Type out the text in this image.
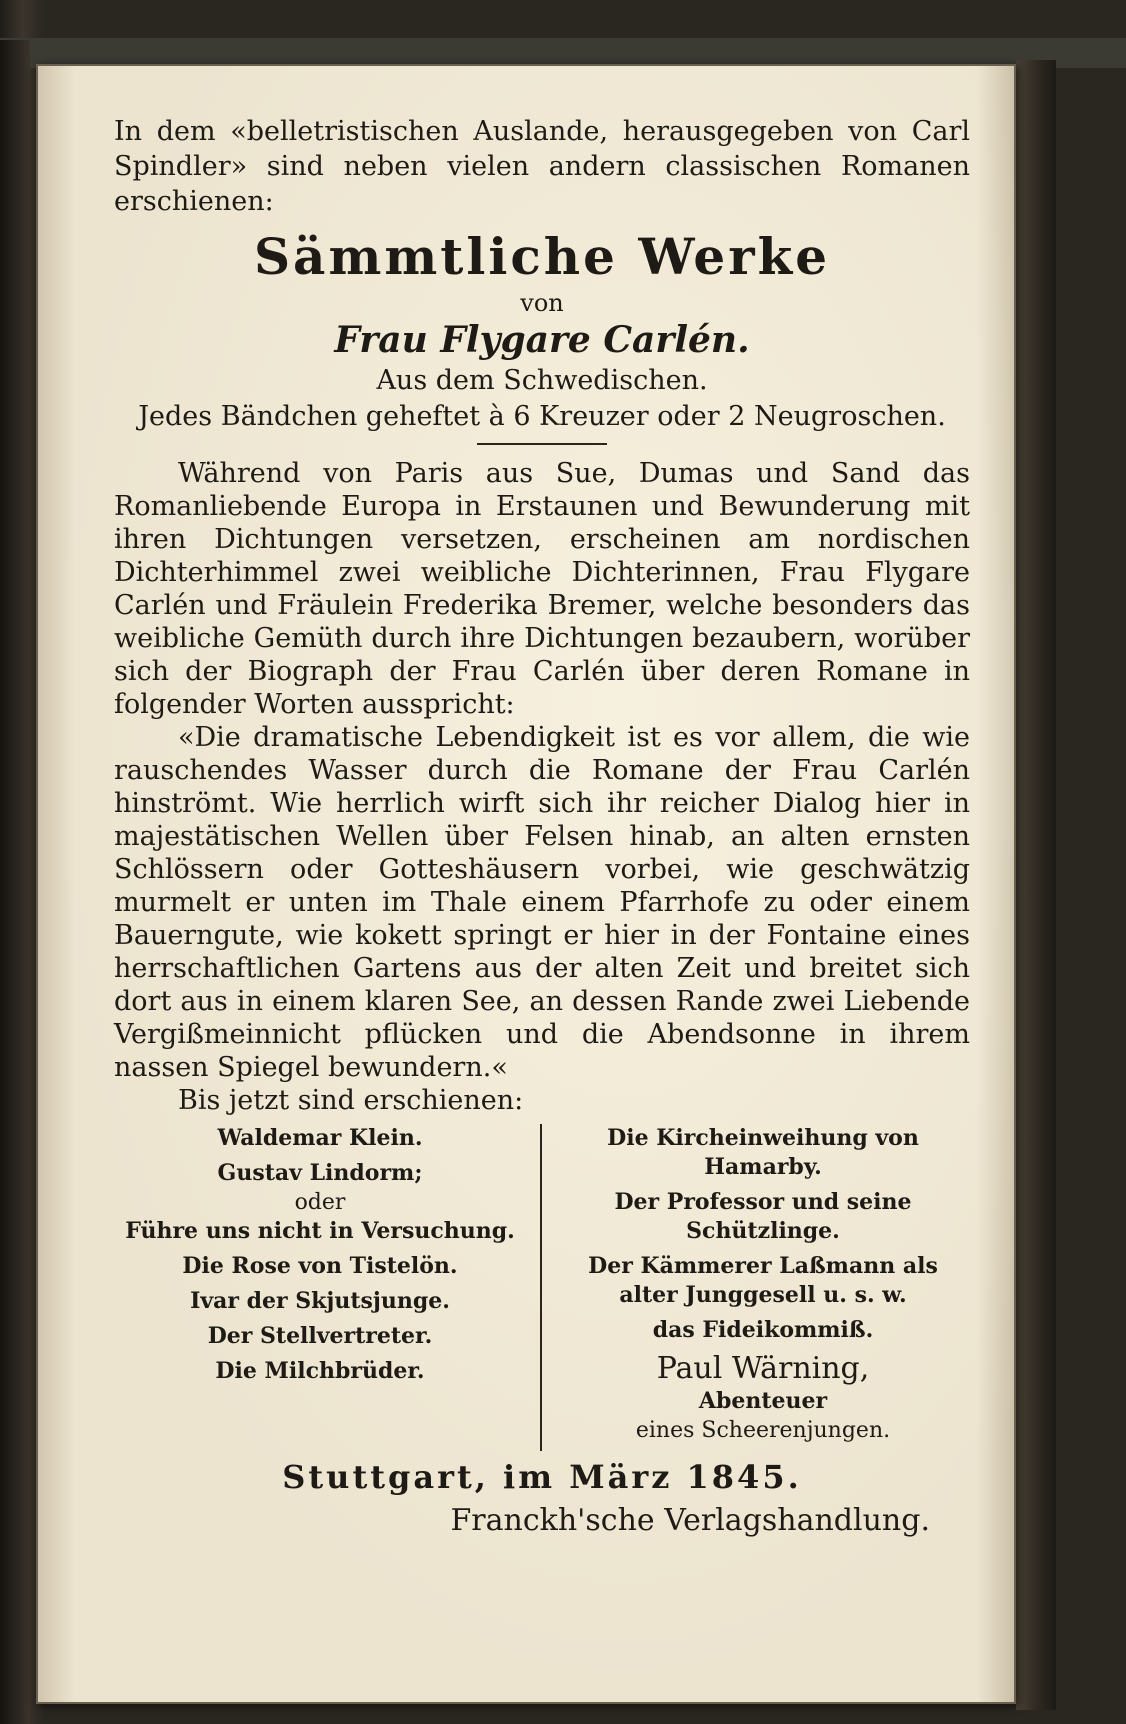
In dem «belletristischen Auslande, herausgegeben von Carl Spindler» sind neben vielen andern classischen Romanen erschienen:

Sämmtliche Werke
von
Frau Flygare Carlén.
Aus dem Schwedischen.
Jedes Bändchen geheftet à 6 Kreuzer oder 2 Neugroschen.

Während von Paris aus Sue, Dumas und Sand das Romanliebende Europa in Erstaunen und Bewunderung mit ihren Dichtungen versetzen, erscheinen am nordischen Dichterhimmel zwei weibliche Dichterinnen, Frau Flygare Carlén und Fräulein Frederika Bremer, welche besonders das weibliche Gemüth durch ihre Dichtungen bezaubern, worüber sich der Biograph der Frau Carlén über deren Romane in folgender Worten ausspricht:

«Die dramatische Lebendigkeit ist es vor allem, die wie rauschendes Wasser durch die Romane der Frau Carlén hinströmt. Wie herrlich wirft sich ihr reicher Dialog hier in majestätischen Wellen über Felsen hinab, an alten ernsten Schlössern oder Gotteshäusern vorbei, wie geschwätzig murmelt er unten im Thale einem Pfarrhofe zu oder einem Bauerngute, wie kokett springt er hier in der Fontaine eines herrschaftlichen Gartens aus der alten Zeit und breitet sich dort aus in einem klaren See, an dessen Rande zwei Liebende Vergißmeinnicht pflücken und die Abendsonne in ihrem nassen Spiegel bewundern.«

Bis jetzt sind erschienen:

Waldemar Klein.
Gustav Lindorm;
oder
Führe uns nicht in Versuchung.
Die Rose von Tistelön.
Ivar der Skjutsjunge.
Der Stellvertreter.
Die Milchbrüder.
Die Kircheinweihung von Hamarby.
Der Professor und seine Schützlinge.
Der Kämmerer Laßmann als alter Junggesell u. s. w.
das Fideikommiß.
Paul Wärning,
Abenteuer
eines Scheerenjungen.
Stuttgart, im März 1845.
Franckh'sche Verlagshandlung.
